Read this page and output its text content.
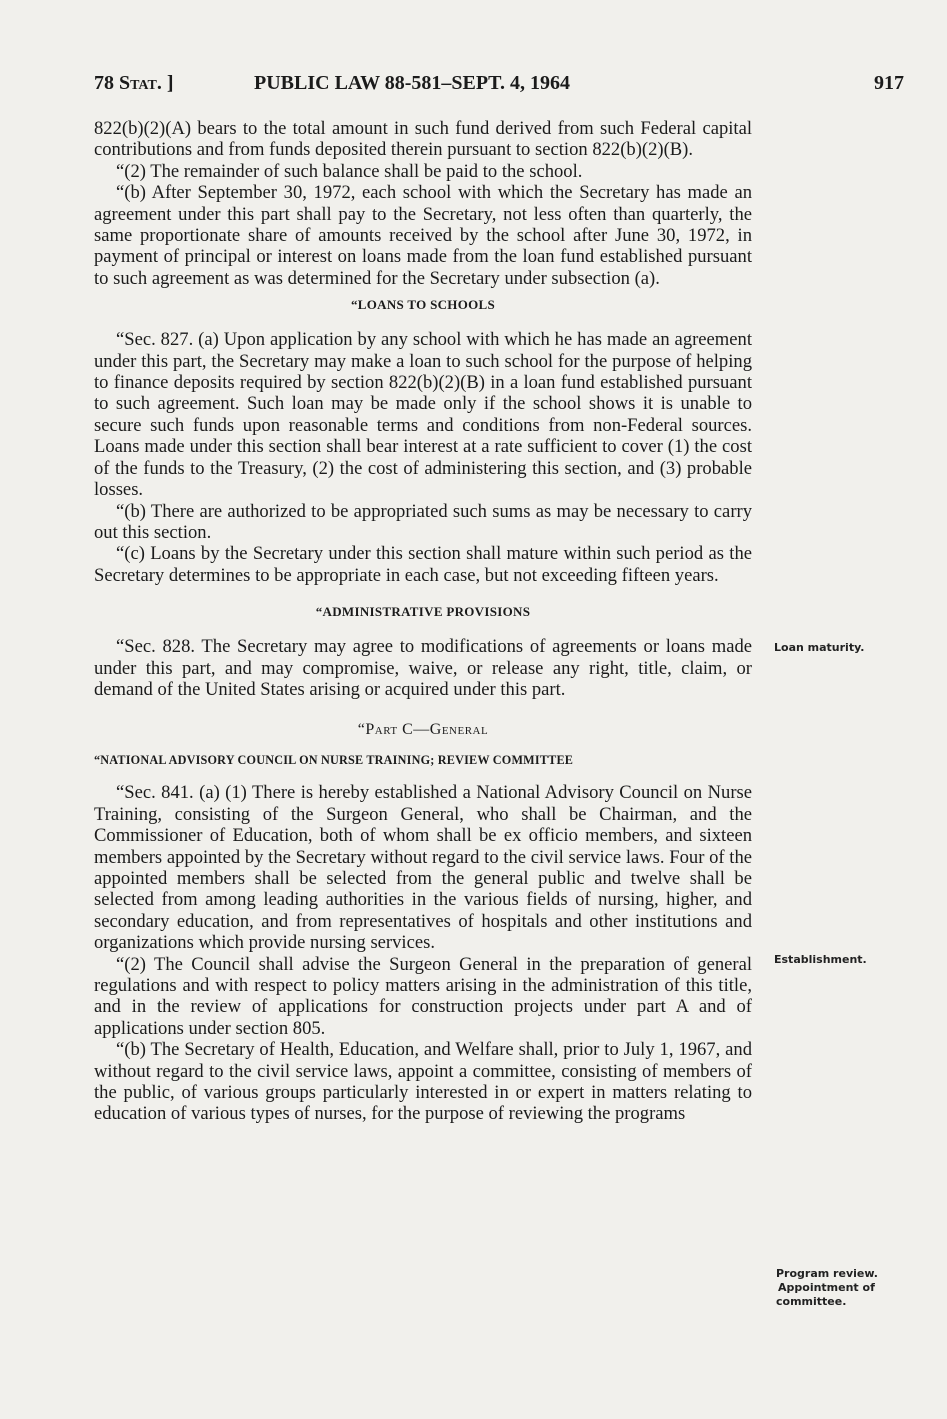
78 Stat. ]	PUBLIC LAW 88-581–SEPT. 4, 1964	917

822(b)(2)(A) bears to the total amount in such fund derived from such Federal capital contributions and from funds deposited therein pursuant to section 822(b)(2)(B).

“(2) The remainder of such balance shall be paid to the school.

“(b) After September 30, 1972, each school with which the Secretary has made an agreement under this part shall pay to the Secretary, not less often than quarterly, the same proportionate share of amounts received by the school after June 30, 1972, in payment of principal or interest on loans made from the loan fund established pursuant to such agreement as was determined for the Secretary under subsection (a).

“LOANS TO SCHOOLS

“Sec. 827. (a) Upon application by any school with which he has made an agreement under this part, the Secretary may make a loan to such school for the purpose of helping to finance deposits required by section 822(b)(2)(B) in a loan fund established pursuant to such agreement. Such loan may be made only if the school shows it is unable to secure such funds upon reasonable terms and conditions from non-Federal sources. Loans made under this section shall bear interest at a rate sufficient to cover (1) the cost of the funds to the Treasury, (2) the cost of administering this section, and (3) probable losses.

“(b) There are authorized to be appropriated such sums as may be necessary to carry out this section.

“(c) Loans by the Secretary under this section shall mature within such period as the Secretary determines to be appropriate in each case, but not exceeding fifteen years.

“ADMINISTRATIVE PROVISIONS

“Sec. 828. The Secretary may agree to modifications of agreements or loans made under this part, and may compromise, waive, or release any right, title, claim, or demand of the United States arising or acquired under this part.

“Part C—General
“NATIONAL ADVISORY COUNCIL ON NURSE TRAINING; REVIEW COMMITTEE

“Sec. 841. (a) (1) There is hereby established a National Advisory Council on Nurse Training, consisting of the Surgeon General, who shall be Chairman, and the Commissioner of Education, both of whom shall be ex officio members, and sixteen members appointed by the Secretary without regard to the civil service laws. Four of the appointed members shall be selected from the general public and twelve shall be selected from among leading authorities in the various fields of nursing, higher, and secondary education, and from representatives of hospitals and other institutions and organizations which provide nursing services.

“(2) The Council shall advise the Surgeon General in the preparation of general regulations and with respect to policy matters arising in the administration of this title, and in the review of applications for construction projects under part A and of applications under section 805.

“(b) The Secretary of Health, Education, and Welfare shall, prior to July 1, 1967, and without regard to the civil service laws, appoint a committee, consisting of members of the public, of various groups particularly interested in or expert in matters relating to education of various types of nurses, for the purpose of reviewing the programs

Loan maturity.
Establishment.
Program review.
Appointment of
committee.
